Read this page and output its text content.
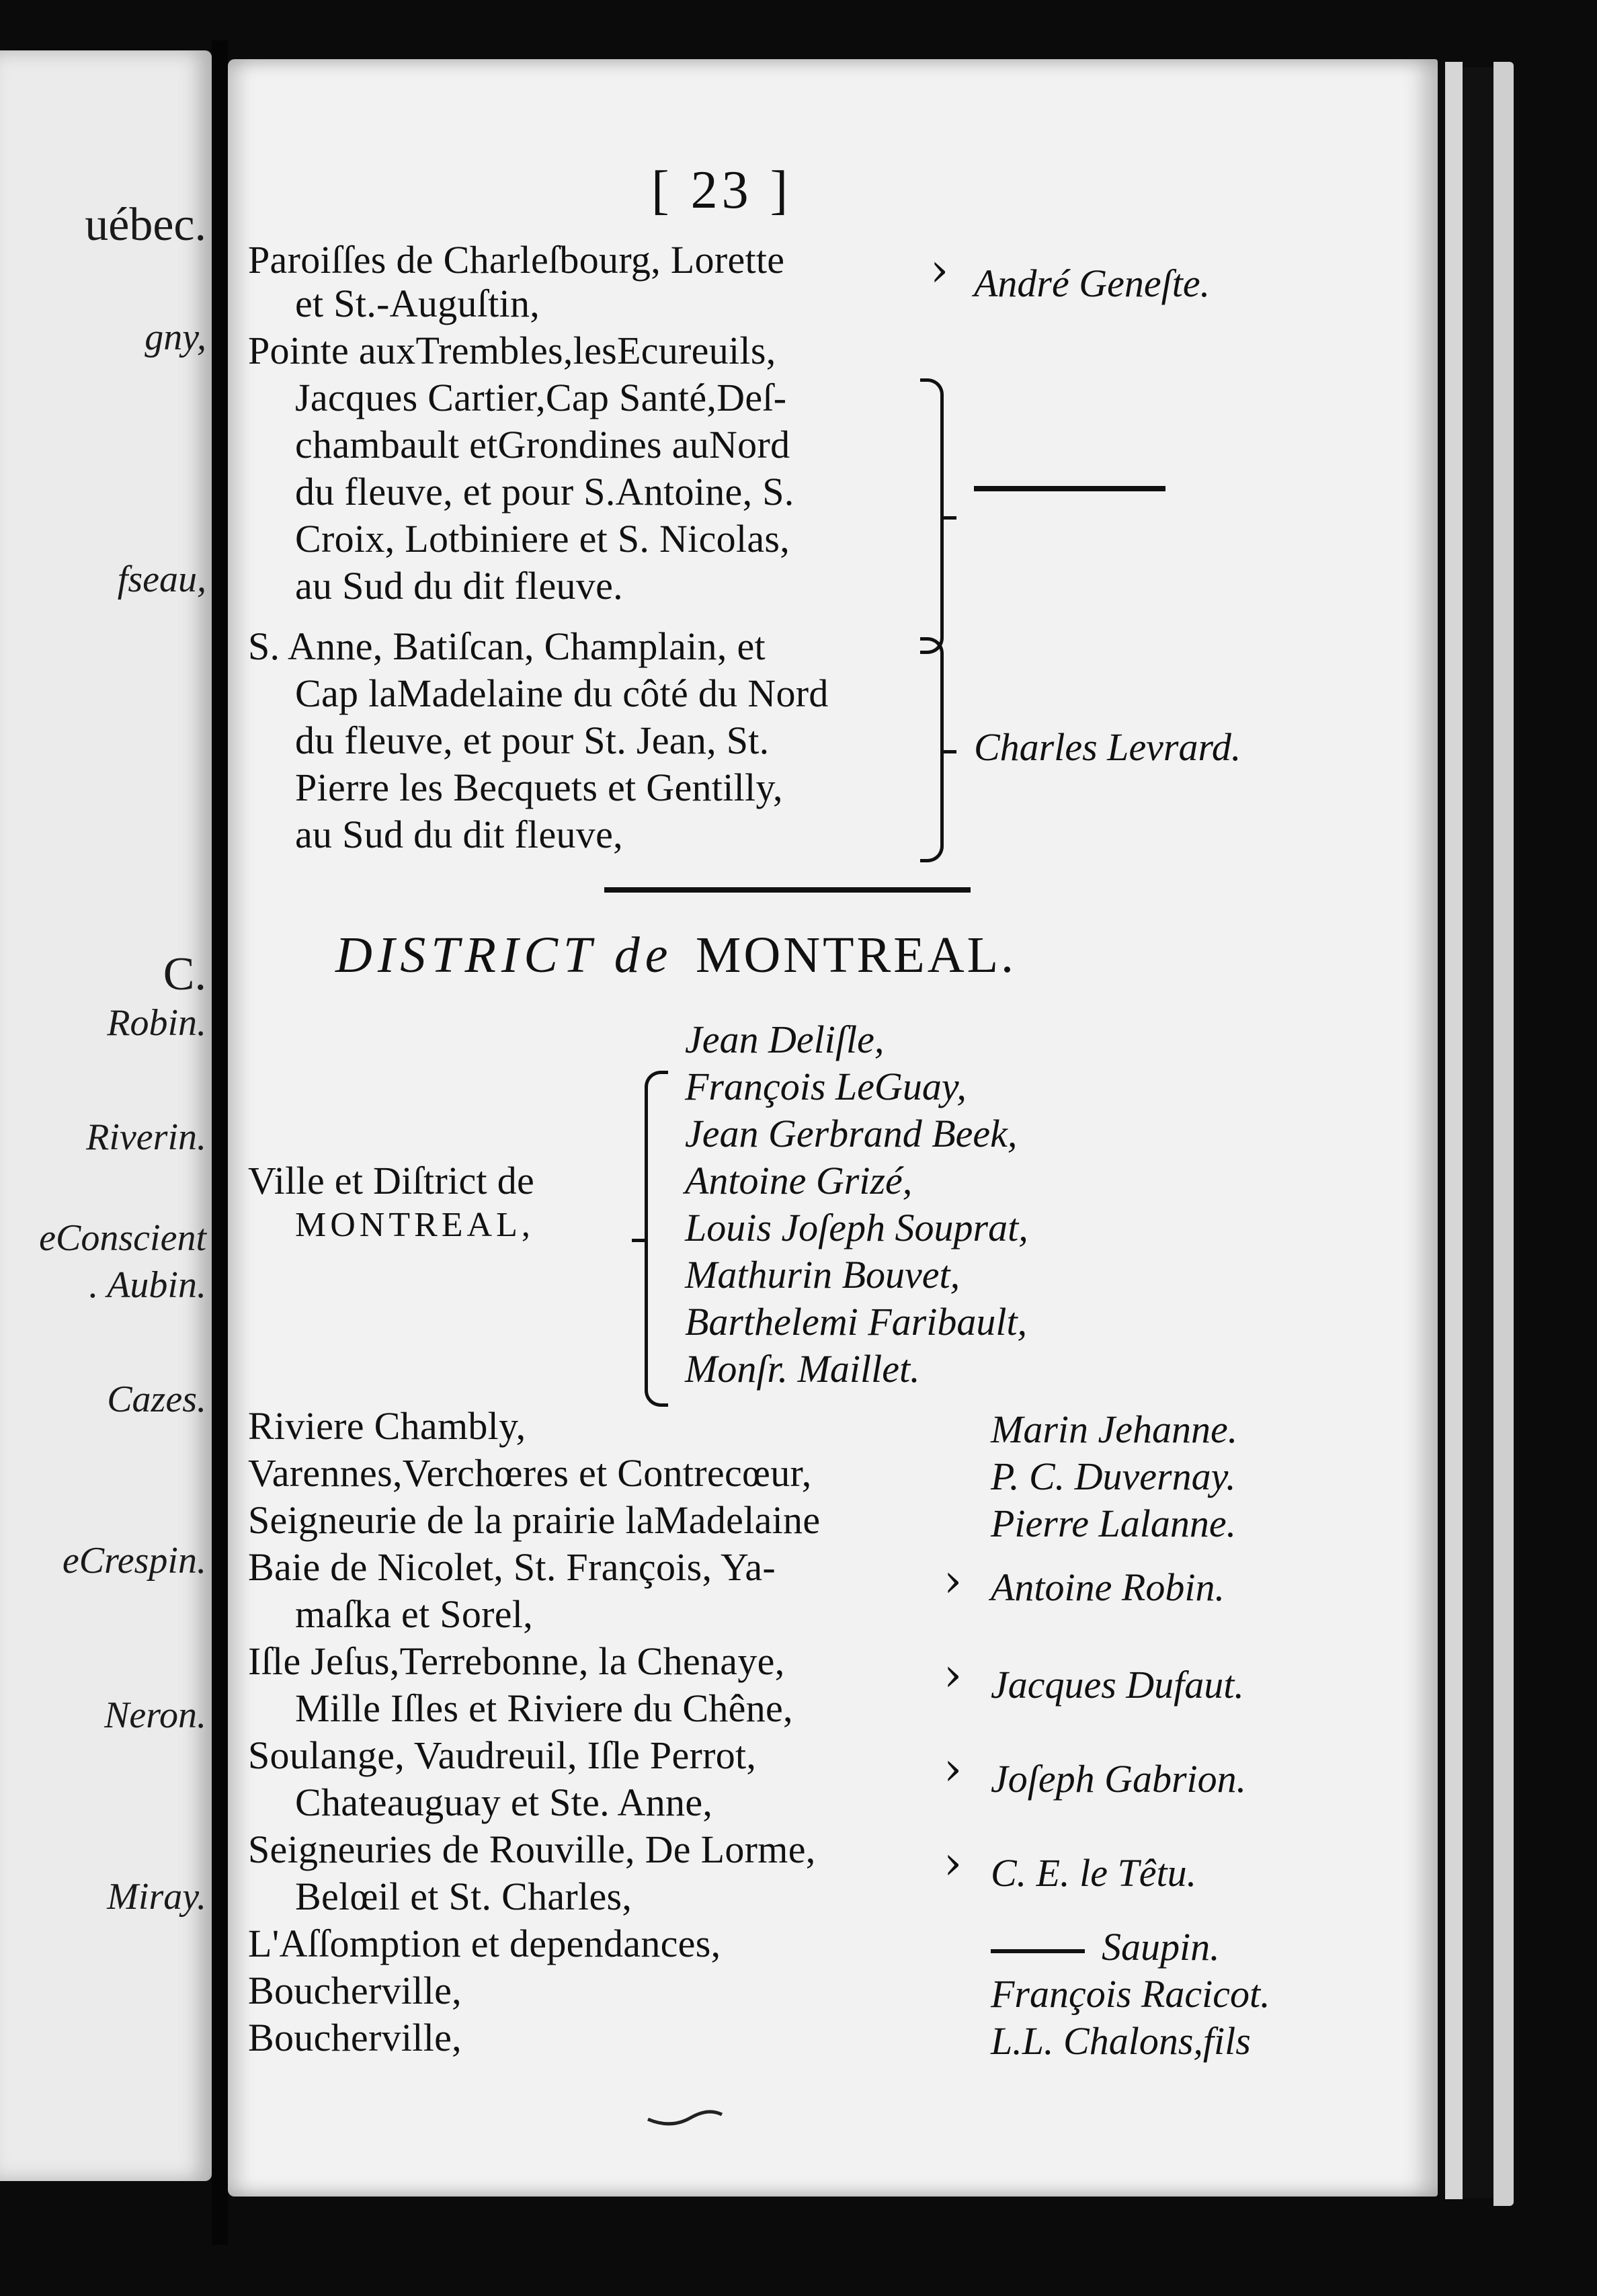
uébec.
gny,
fseau,
C.
Robin.
Riverin.
eConscient
. Aubin.
Cazes.
eCrespin.
Neron.
Miray.
[ 23 ]
Paroiſſes de Charleſbourg, Lorette
et St.-Auguſtin,
› André Geneſte.
Pointe auxTrembles,lesEcureuils,
Jacques Cartier,Cap Santé,Deſ-
chambault etGrondines auNord
du fleuve, et pour S.Antoine, S.
Croix, Lotbiniere et S. Nicolas,
au Sud du dit fleuve.
S. Anne, Batiſcan, Champlain, et
Cap laMadelaine du côté du Nord
du fleuve, et pour St. Jean, St.
Pierre les Becquets et Gentilly,
au Sud du dit fleuve,
Charles Levrard.
DISTRICT de MONTREAL.
Ville et Diſtrict de
MONTREAL,
Jean Deliſle,
François LeGuay,
Jean Gerbrand Beek,
Antoine Grizé,
Louis Joſeph Souprat,
Mathurin Bouvet,
Barthelemi Faribault,
Monſr. Maillet.
Riviere Chambly,	Marin Jehanne.
Varennes,Verchœres et Contrecœur,	P. C. Duvernay.
Seigneurie de la prairie laMadelaine	Pierre Lalanne.
Baie de Nicolet, St. François, Ya-
maſka et Sorel,
› Antoine Robin.
Iſle Jeſus,Terrebonne, la Chenaye,
Mille Iſles et Riviere du Chêne,
› Jacques Dufaut.
Soulange, Vaudreuil, Iſle Perrot,
Chateauguay et Ste. Anne,
› Joſeph Gabrion.
Seigneuries de Rouville, De Lorme,
Belœil et St. Charles,
› C. E. le Têtu.
L'Aſſomption et dependances,	Saupin.
Boucherville,	François Racicot.
Boucherville,	L.L. Chalons,fils
